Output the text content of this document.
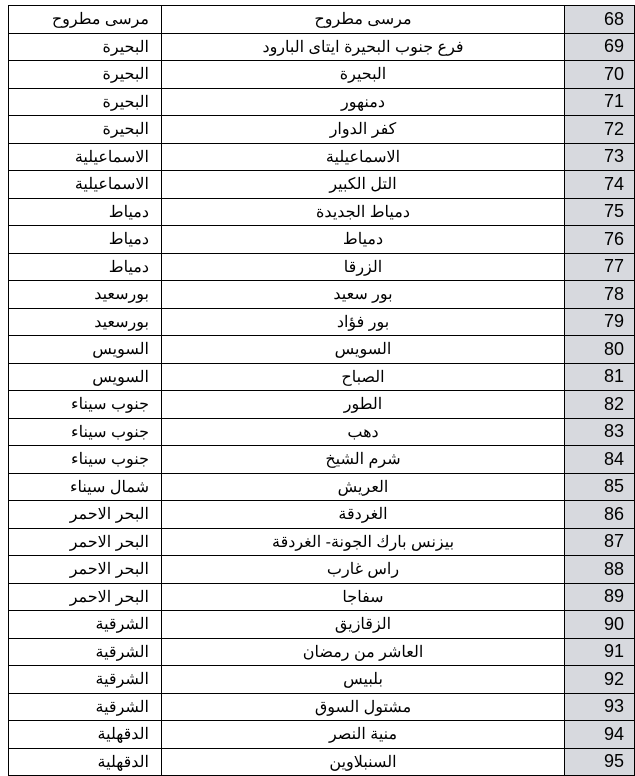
مرسى مطروح	مرسى مطروح	68
البحيرة	فرع جنوب البحيرة ايتاى البارود	69
البحيرة	البحيرة	70
البحيرة	دمنهور	71
البحيرة	كفر الدوار	72
الاسماعيلية	الاسماعيلية	73
الاسماعيلية	التل الكبير	74
دمياط	دمياط الجديدة	75
دمياط	دمياط	76
دمياط	الزرقا	77
بورسعيد	بور سعيد	78
بورسعيد	بور فؤاد	79
السويس	السويس	80
السويس	الصباح	81
جنوب سيناء	الطور	82
جنوب سيناء	دهب	83
جنوب سيناء	شرم الشيخ	84
شمال سيناء	العريش	85
البحر الاحمر	الغردقة	86
البحر الاحمر	بيزنس بارك الجونة- الغردقة	87
البحر الاحمر	راس غارب	88
البحر الاحمر	سفاجا	89
الشرقية	الزقازيق	90
الشرقية	العاشر من رمضان	91
الشرقية	بلبيس	92
الشرقية	مشتول السوق	93
الدقهلية	منية النصر	94
الدقهلية	السنبلاوين	95
